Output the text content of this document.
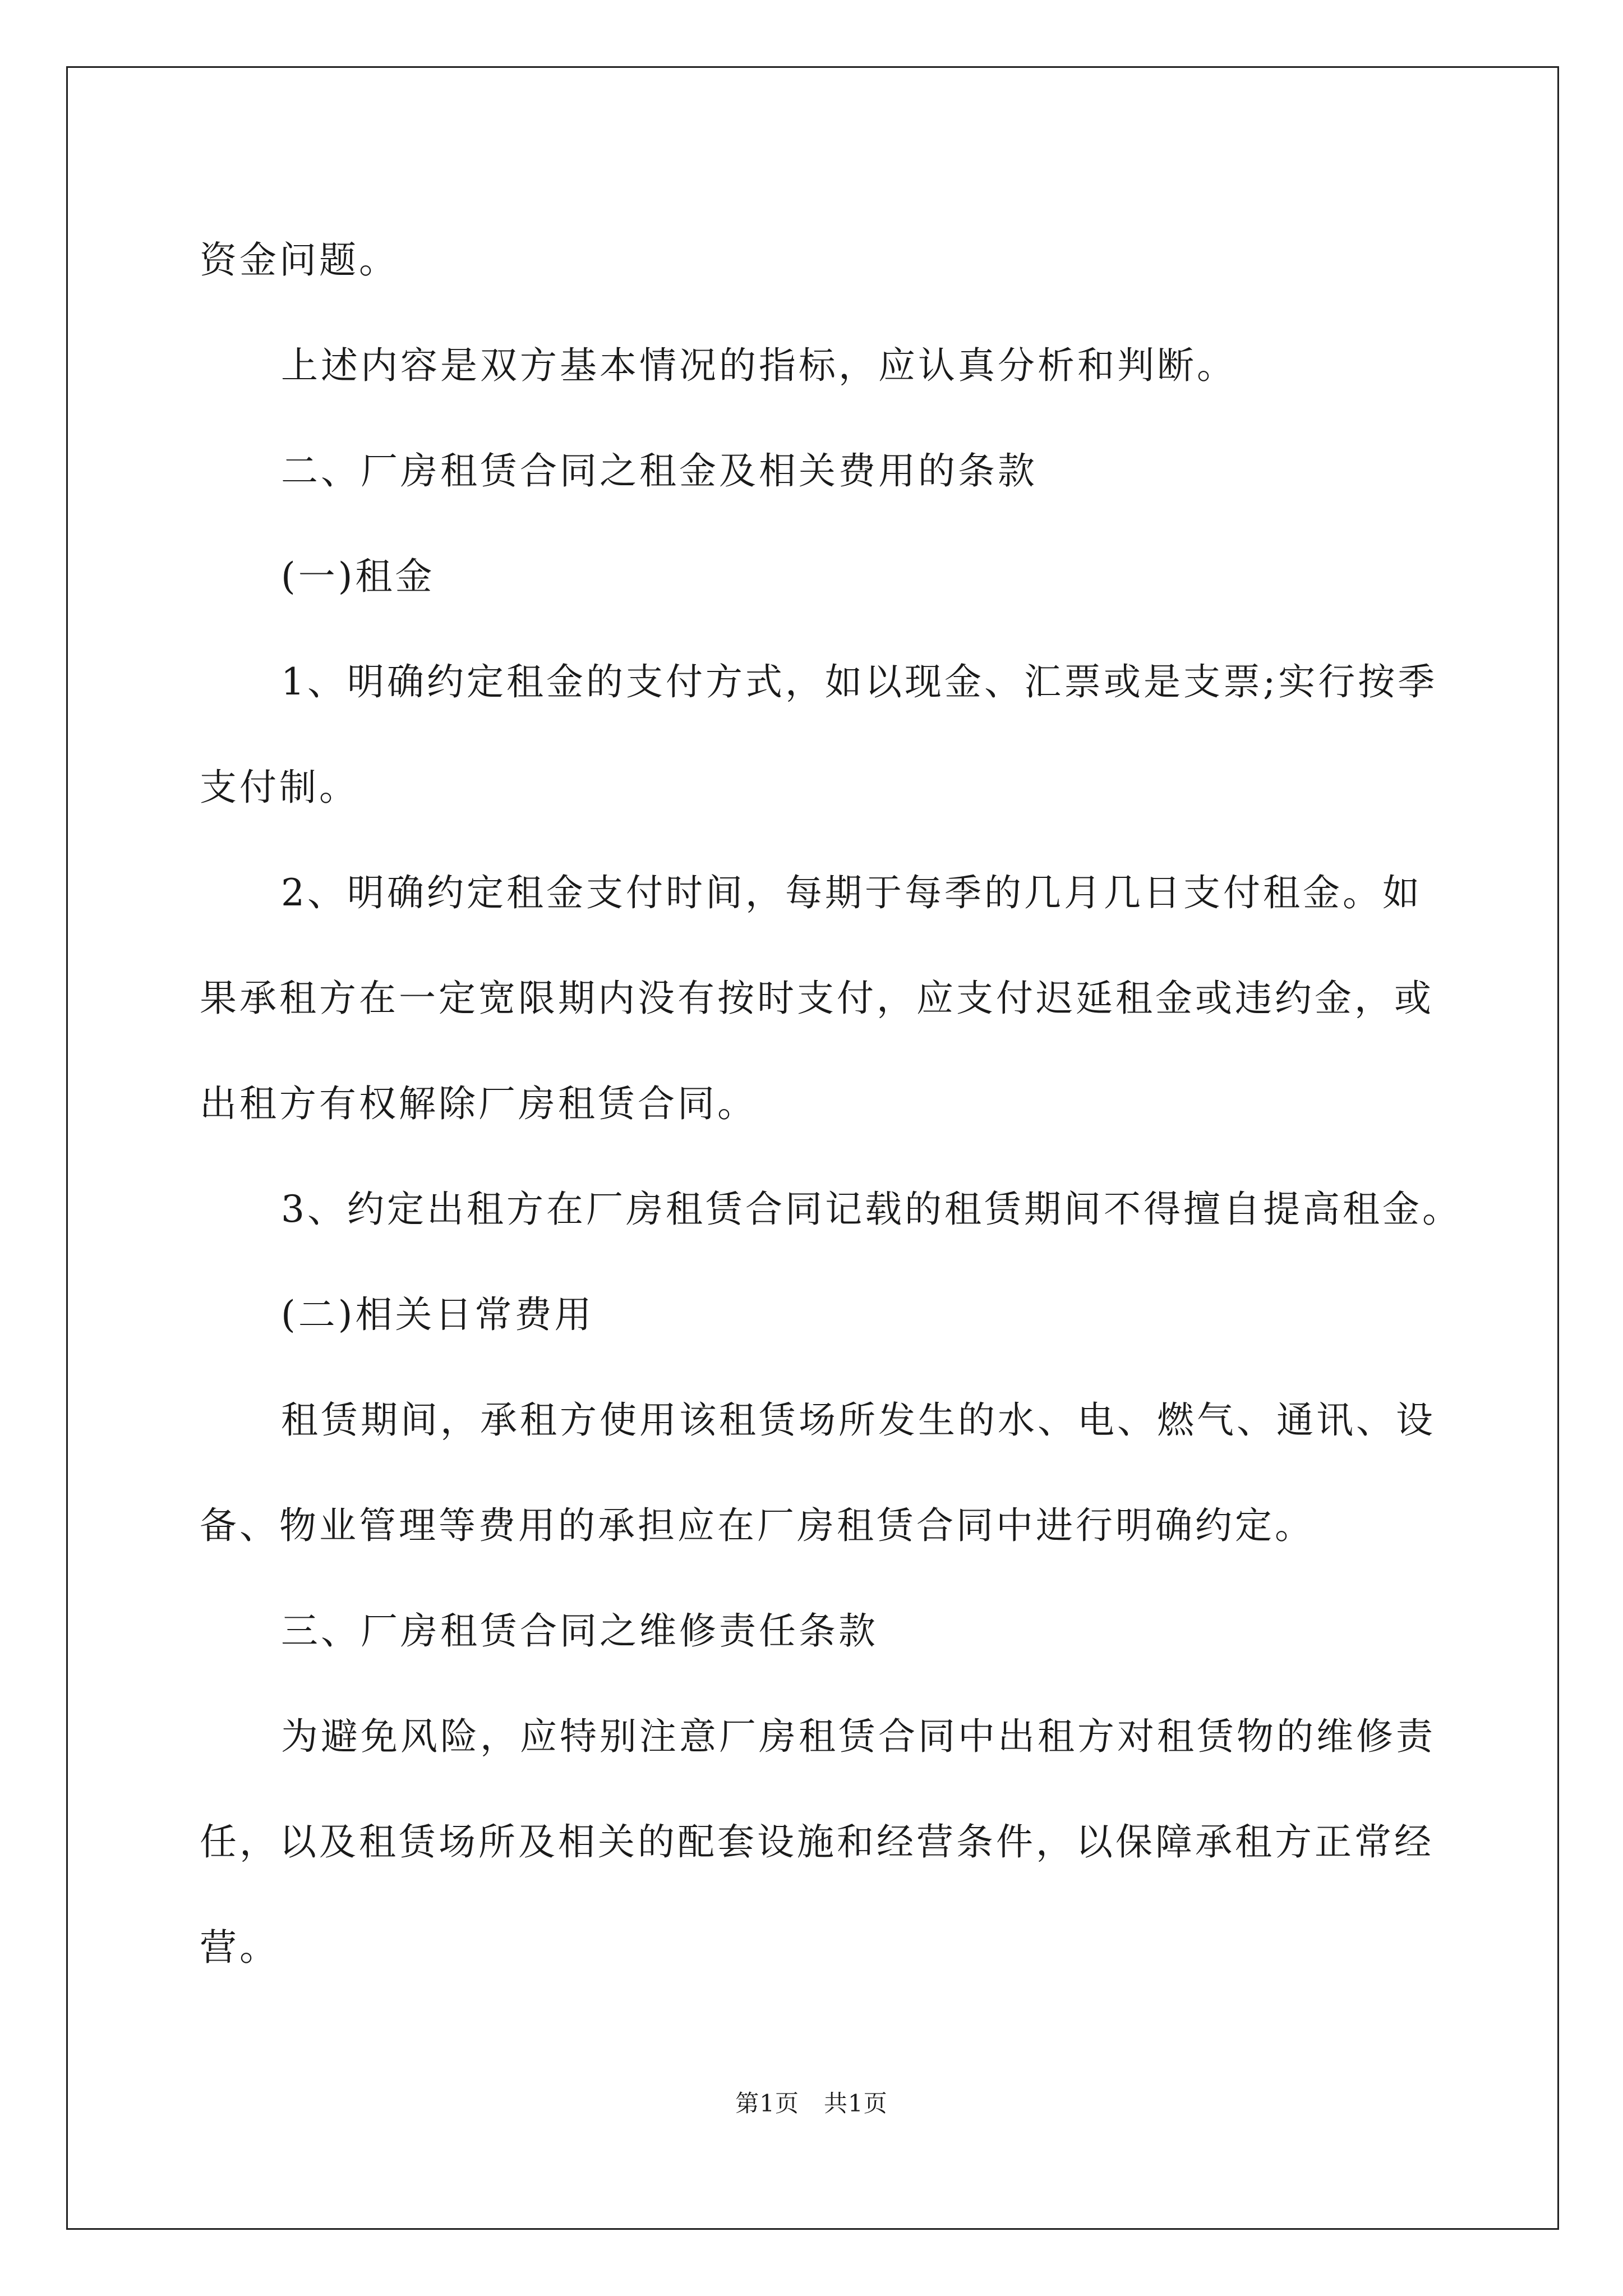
资金问题。

上述内容是双方基本情况的指标，应认真分析和判断。

二、厂房租赁合同之租金及相关费用的条款

(一)租金

1、明确约定租金的支付方式，如以现金、汇票或是支票;实行按季支付制。

2、明确约定租金支付时间，每期于每季的几月几日支付租金。如果承租方在一定宽限期内没有按时支付，应支付迟延租金或违约金，或出租方有权解除厂房租赁合同。

3、约定出租方在厂房租赁合同记载的租赁期间不得擅自提高租金。

(二)相关日常费用

租赁期间，承租方使用该租赁场所发生的水、电、燃气、通讯、设备、物业管理等费用的承担应在厂房租赁合同中进行明确约定。

三、厂房租赁合同之维修责任条款

为避免风险，应特别注意厂房租赁合同中出租方对租赁物的维修责任，以及租赁场所及相关的配套设施和经营条件，以保障承租方正常经营。

第1页 共1页
